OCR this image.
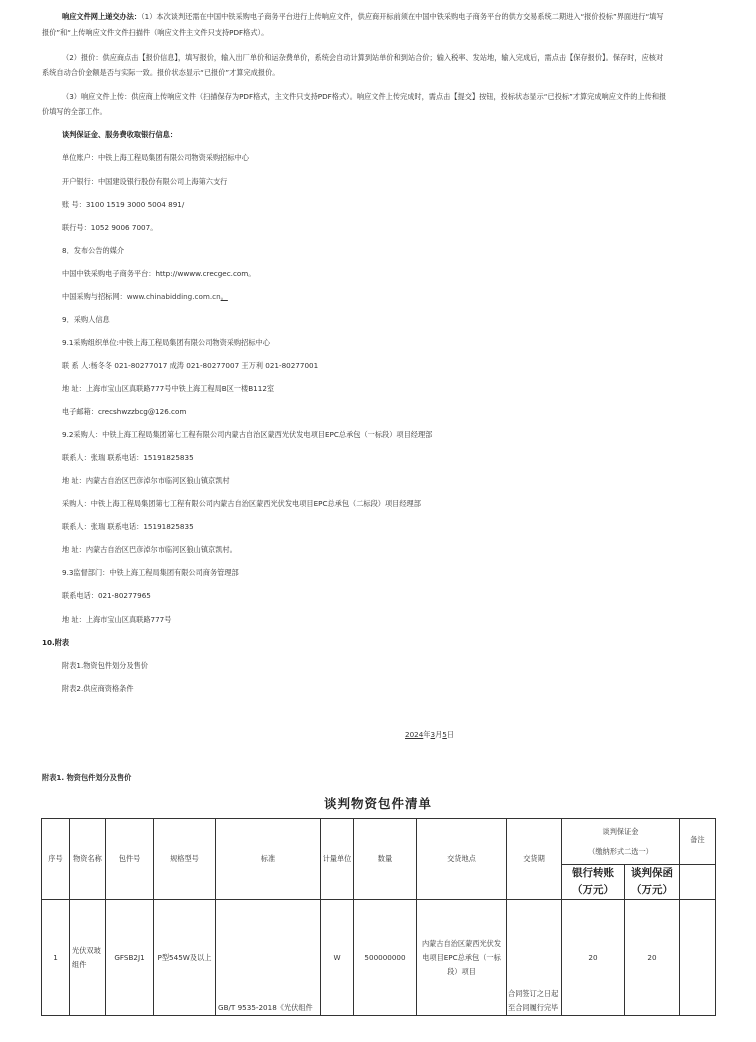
响应文件网上递交办法：（1）本次谈判还需在中国中铁采购电子商务平台进行上传响应文件，供应商开标前须在中国中铁采购电子商务平台的供方交易系统二期进入“报价投标”界面进行“填写
报价”和“上传响应文件文件扫描件（响应文件主文件只支持PDF格式）。
（2）报价：供应商点击【报价信息】，填写报价，输入出厂单价和运杂费单价，系统会自动计算到站单价和到站合价；输入税率、发站地，输入完成后，需点击【保存报价】。保存时，应核对
系统自动合价金额是否与实际一致。报价状态显示“已报价”才算完成报价。
（3）响应文件上传：供应商上传响应文件（扫描保存为PDF格式，主文件只支持PDF格式）。响应文件上传完成时，需点击【提交】按钮，投标状态显示“已投标”才算完成响应文件的上传和报
价填写的全部工作。
谈判保证金、服务费收取银行信息：
单位账户：中铁上海工程局集团有限公司物资采购招标中心
开户银行：中国建设银行股份有限公司上海第六支行
账 号：3100 1519 3000 5004 891/
联行号：1052 9006 7007。
8．发布公告的媒介
中国中铁采购电子商务平台：http://wwww.crecgec.com。
中国采购与招标网：www.chinabidding.com.cn。
9．采购人信息
9.1采购组织单位:中铁上海工程局集团有限公司物资采购招标中心
联 系 人:杨冬冬 021-80277017 成涛 021-80277007 王万利 021-80277001
地 址：上海市宝山区真联路777号中铁上海工程局B区一楼B112室
电子邮箱：crecshwzzbcg@126.com
9.2采购人：中铁上海工程局集团第七工程有限公司内蒙古自治区蒙西光伏发电项目EPC总承包（一标段）项目经理部
联系人：张瑞 联系电话：15191825835
地 址：内蒙古自治区巴彦淖尔市临河区狼山镇京凯村
采购人：中铁上海工程局集团第七工程有限公司内蒙古自治区蒙西光伏发电项目EPC总承包（二标段）项目经理部
联系人：张瑞 联系电话：15191825835
地 址：内蒙古自治区巴彦淖尔市临河区狼山镇京凯村。
9.3监督部门：中铁上海工程局集团有限公司商务管理部
联系电话：021-80277965
地 址：上海市宝山区真联路777号
10.附表
附表1.物资包件划分及售价
附表2.供应商资格条件
2024年3月5日
附表1. 物资包件划分及售价
谈判物资包件清单
序号	物资名称	包件号	规格型号	标准	计量单位	数量	交货地点	交货期	谈判保证金
（缴纳形式二选一）		备注
									银行转账（万元）	谈判保函（万元）	
1	光伏双玻组件	GFSB2J1	P型545W及以上	GB/T 9535-2018《光伏组件	W	500000000	内蒙古自治区蒙西光伏发电项目EPC总承包（一标段）项目	合同签订之日起至合同履行完毕	20	20	
